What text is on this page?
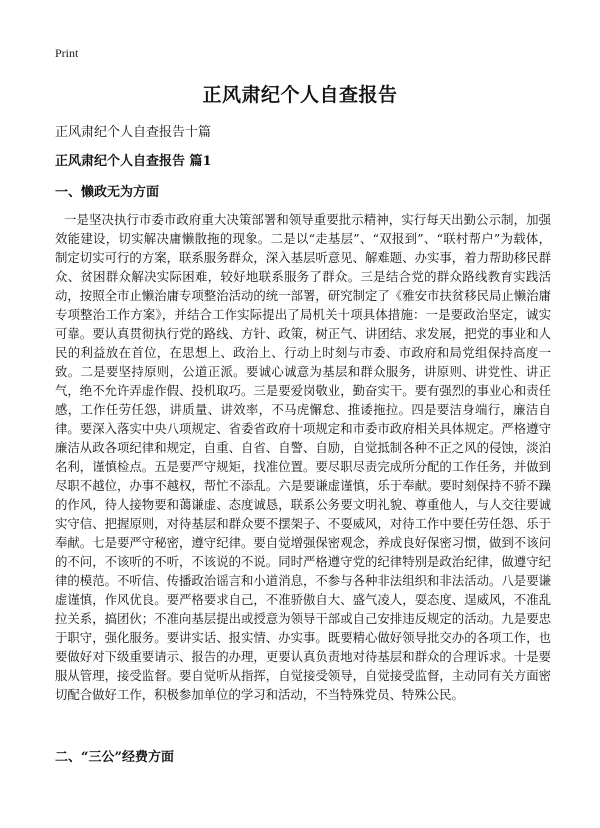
Print
正风肃纪个人自查报告
正风肃纪个人自查报告十篇
正风肃纪个人自查报告 篇1
一、懒政无为方面

一是坚决执行市委市政府重大决策部署和领导重要批示精神，实行每天出勤公示制，加强效能建设，切实解决庸懒散拖的现象。二是以“走基层”、“双报到”、“联村帮户”为载体，制定切实可行的方案，联系服务群众，深入基层听意见、解难题、办实事，着力帮助移民群众、贫困群众解决实际困难，较好地联系服务了群众。三是结合党的群众路线教育实践活动，按照全市止懒治庸专项整治活动的统一部署，研究制定了《雅安市扶贫移民局止懒治庸专项整治工作方案》，并结合工作实际提出了局机关十项具体措施：一是要政治坚定，诚实可靠。要认真贯彻执行党的路线、方针、政策，树正气、讲团结、求发展，把党的事业和人民的利益放在首位，在思想上、政治上、行动上时刻与市委、市政府和局党组保持高度一致。二是要坚持原则，公道正派。要诚心诚意为基层和群众服务，讲原则、讲党性、讲正气，绝不允许弄虚作假、投机取巧。三是要爱岗敬业，勤奋实干。要有强烈的事业心和责任感，工作任劳任怨，讲质量、讲效率，不马虎懈怠、推诿拖拉。四是要洁身端行，廉洁自律。要深入落实中央八项规定、省委省政府十项规定和市委市政府相关具体规定。严格遵守廉洁从政各项纪律和规定，自重、自省、自警、自励，自觉抵制各种不正之风的侵蚀，淡泊名利，谨慎检点。五是要严守规矩，找准位置。要尽职尽责完成所分配的工作任务，并做到尽职不越位，办事不越权，帮忙不添乱。六是要谦虚谨慎，乐于奉献。要时刻保持不骄不躁的作风，待人接物要和蔼谦虚、态度诚恳，联系公务要文明礼貌、尊重他人，与人交往要诚实守信、把握原则，对待基层和群众要不摆架子、不耍威风，对待工作中要任劳任怨、乐于奉献。七是要严守秘密，遵守纪律。要自觉增强保密观念，养成良好保密习惯，做到不该问的不问，不该听的不听，不该说的不说。同时严格遵守党的纪律特别是政治纪律，做遵守纪律的模范。不听信、传播政治谣言和小道消息，不参与各种非法组织和非法活动。八是要谦虚谨慎，作风优良。要严格要求自己，不准骄傲自大、盛气凌人，耍态度、逞威风，不准乱拉关系，搞团伙；不准向基层提出或授意为领导干部或自己安排违反规定的活动。九是要忠于职守，强化服务。要讲实话、报实情、办实事。既要精心做好领导批交办的各项工作，也要做好对下级重要请示、报告的办理，更要认真负责地对待基层和群众的合理诉求。十是要服从管理，接受监督。要自觉听从指挥，自觉接受领导，自觉接受监督，主动同有关方面密切配合做好工作，积极参加单位的学习和活动，不当特殊党员、特殊公民。

二、“三公”经费方面
